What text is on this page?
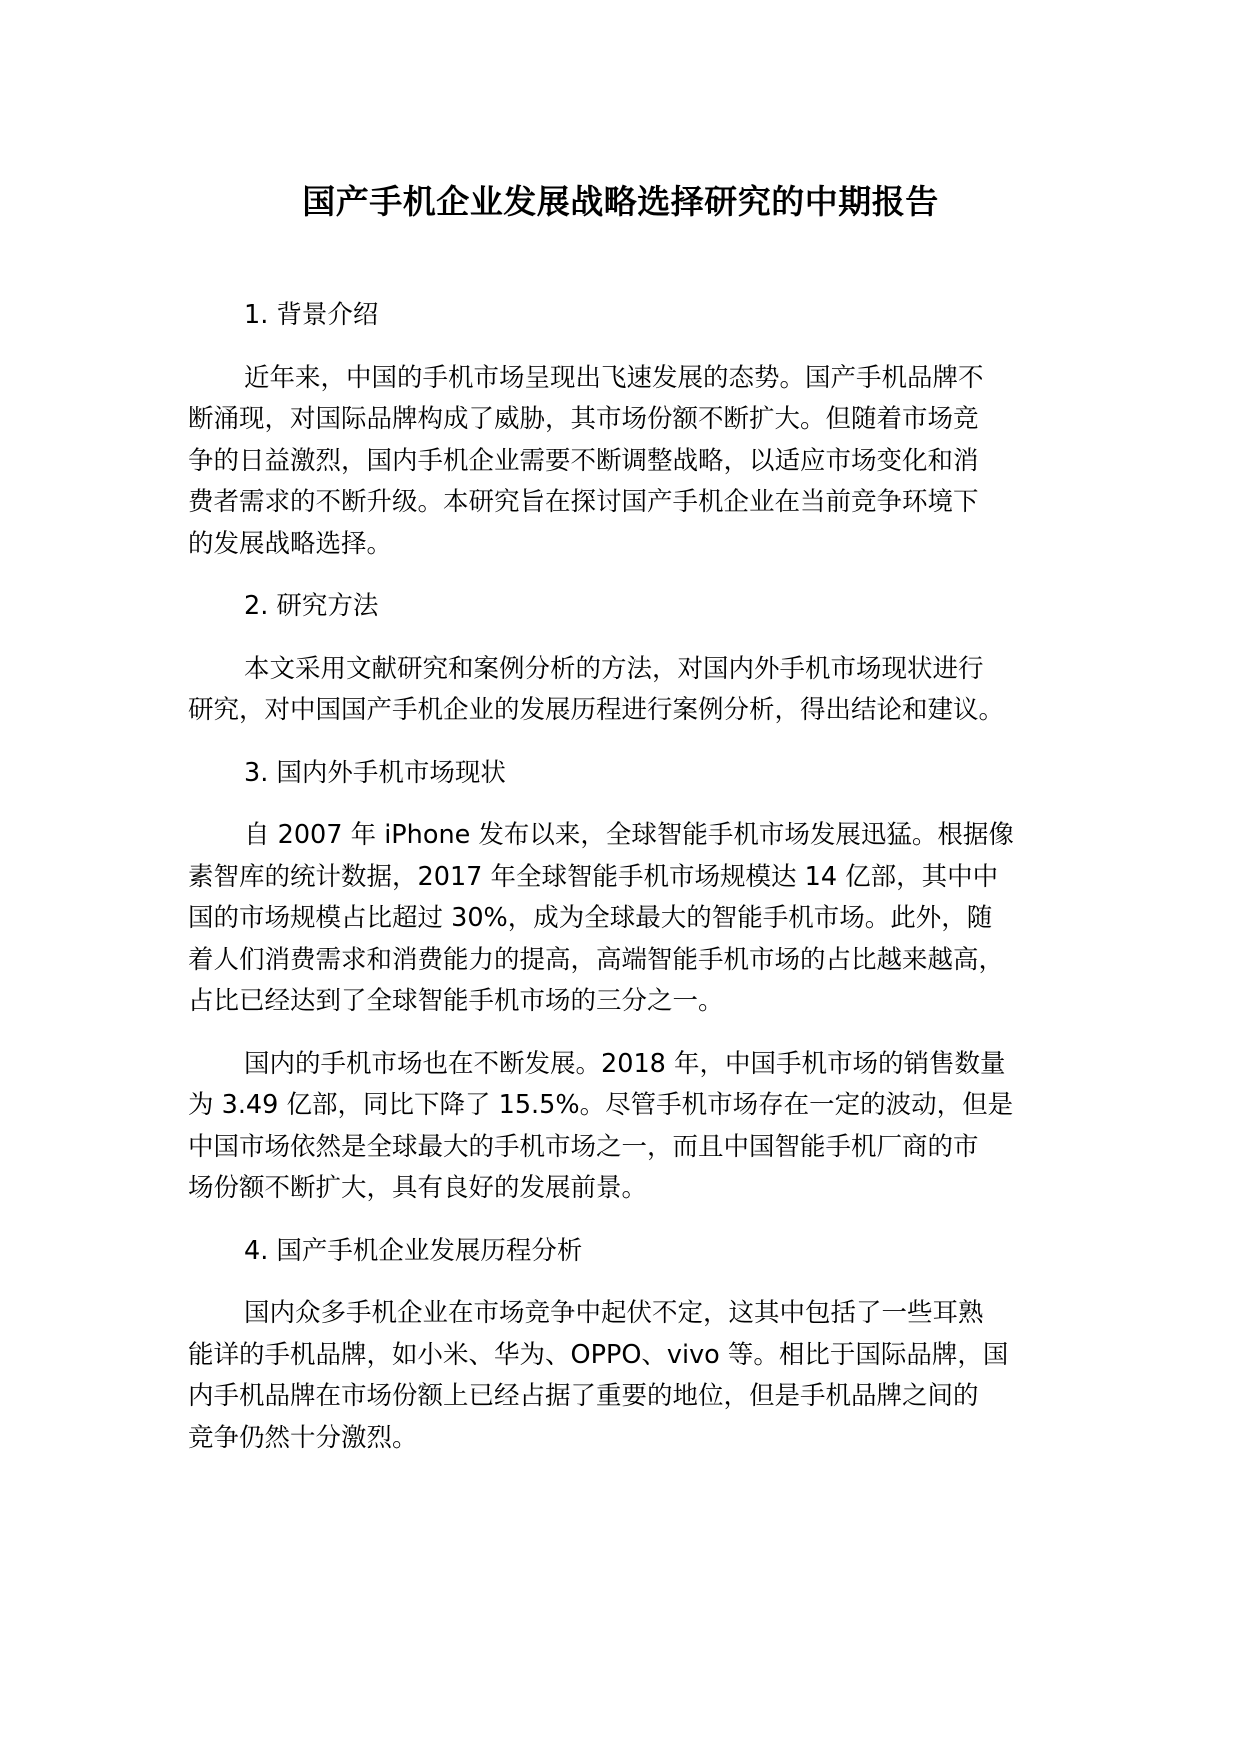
国产手机企业发展战略选择研究的中期报告
1. 背景介绍
近年来，中国的手机市场呈现出飞速发展的态势。国产手机品牌不
断涌现，对国际品牌构成了威胁，其市场份额不断扩大。但随着市场竞
争的日益激烈，国内手机企业需要不断调整战略，以适应市场变化和消
费者需求的不断升级。本研究旨在探讨国产手机企业在当前竞争环境下
的发展战略选择。
2. 研究方法
本文采用文献研究和案例分析的方法，对国内外手机市场现状进行
研究，对中国国产手机企业的发展历程进行案例分析，得出结论和建议。
3. 国内外手机市场现状
自 2007 年 iPhone 发布以来，全球智能手机市场发展迅猛。根据像
素智库的统计数据，2017 年全球智能手机市场规模达 14 亿部，其中中
国的市场规模占比超过 30%，成为全球最大的智能手机市场。此外，随
着人们消费需求和消费能力的提高，高端智能手机市场的占比越来越高，
占比已经达到了全球智能手机市场的三分之一。
国内的手机市场也在不断发展。2018 年，中国手机市场的销售数量
为 3.49 亿部，同比下降了 15.5%。尽管手机市场存在一定的波动，但是
中国市场依然是全球最大的手机市场之一，而且中国智能手机厂商的市
场份额不断扩大，具有良好的发展前景。
4. 国产手机企业发展历程分析
国内众多手机企业在市场竞争中起伏不定，这其中包括了一些耳熟
能详的手机品牌，如小米、华为、OPPO、vivo 等。相比于国际品牌，国
内手机品牌在市场份额上已经占据了重要的地位，但是手机品牌之间的
竞争仍然十分激烈。
